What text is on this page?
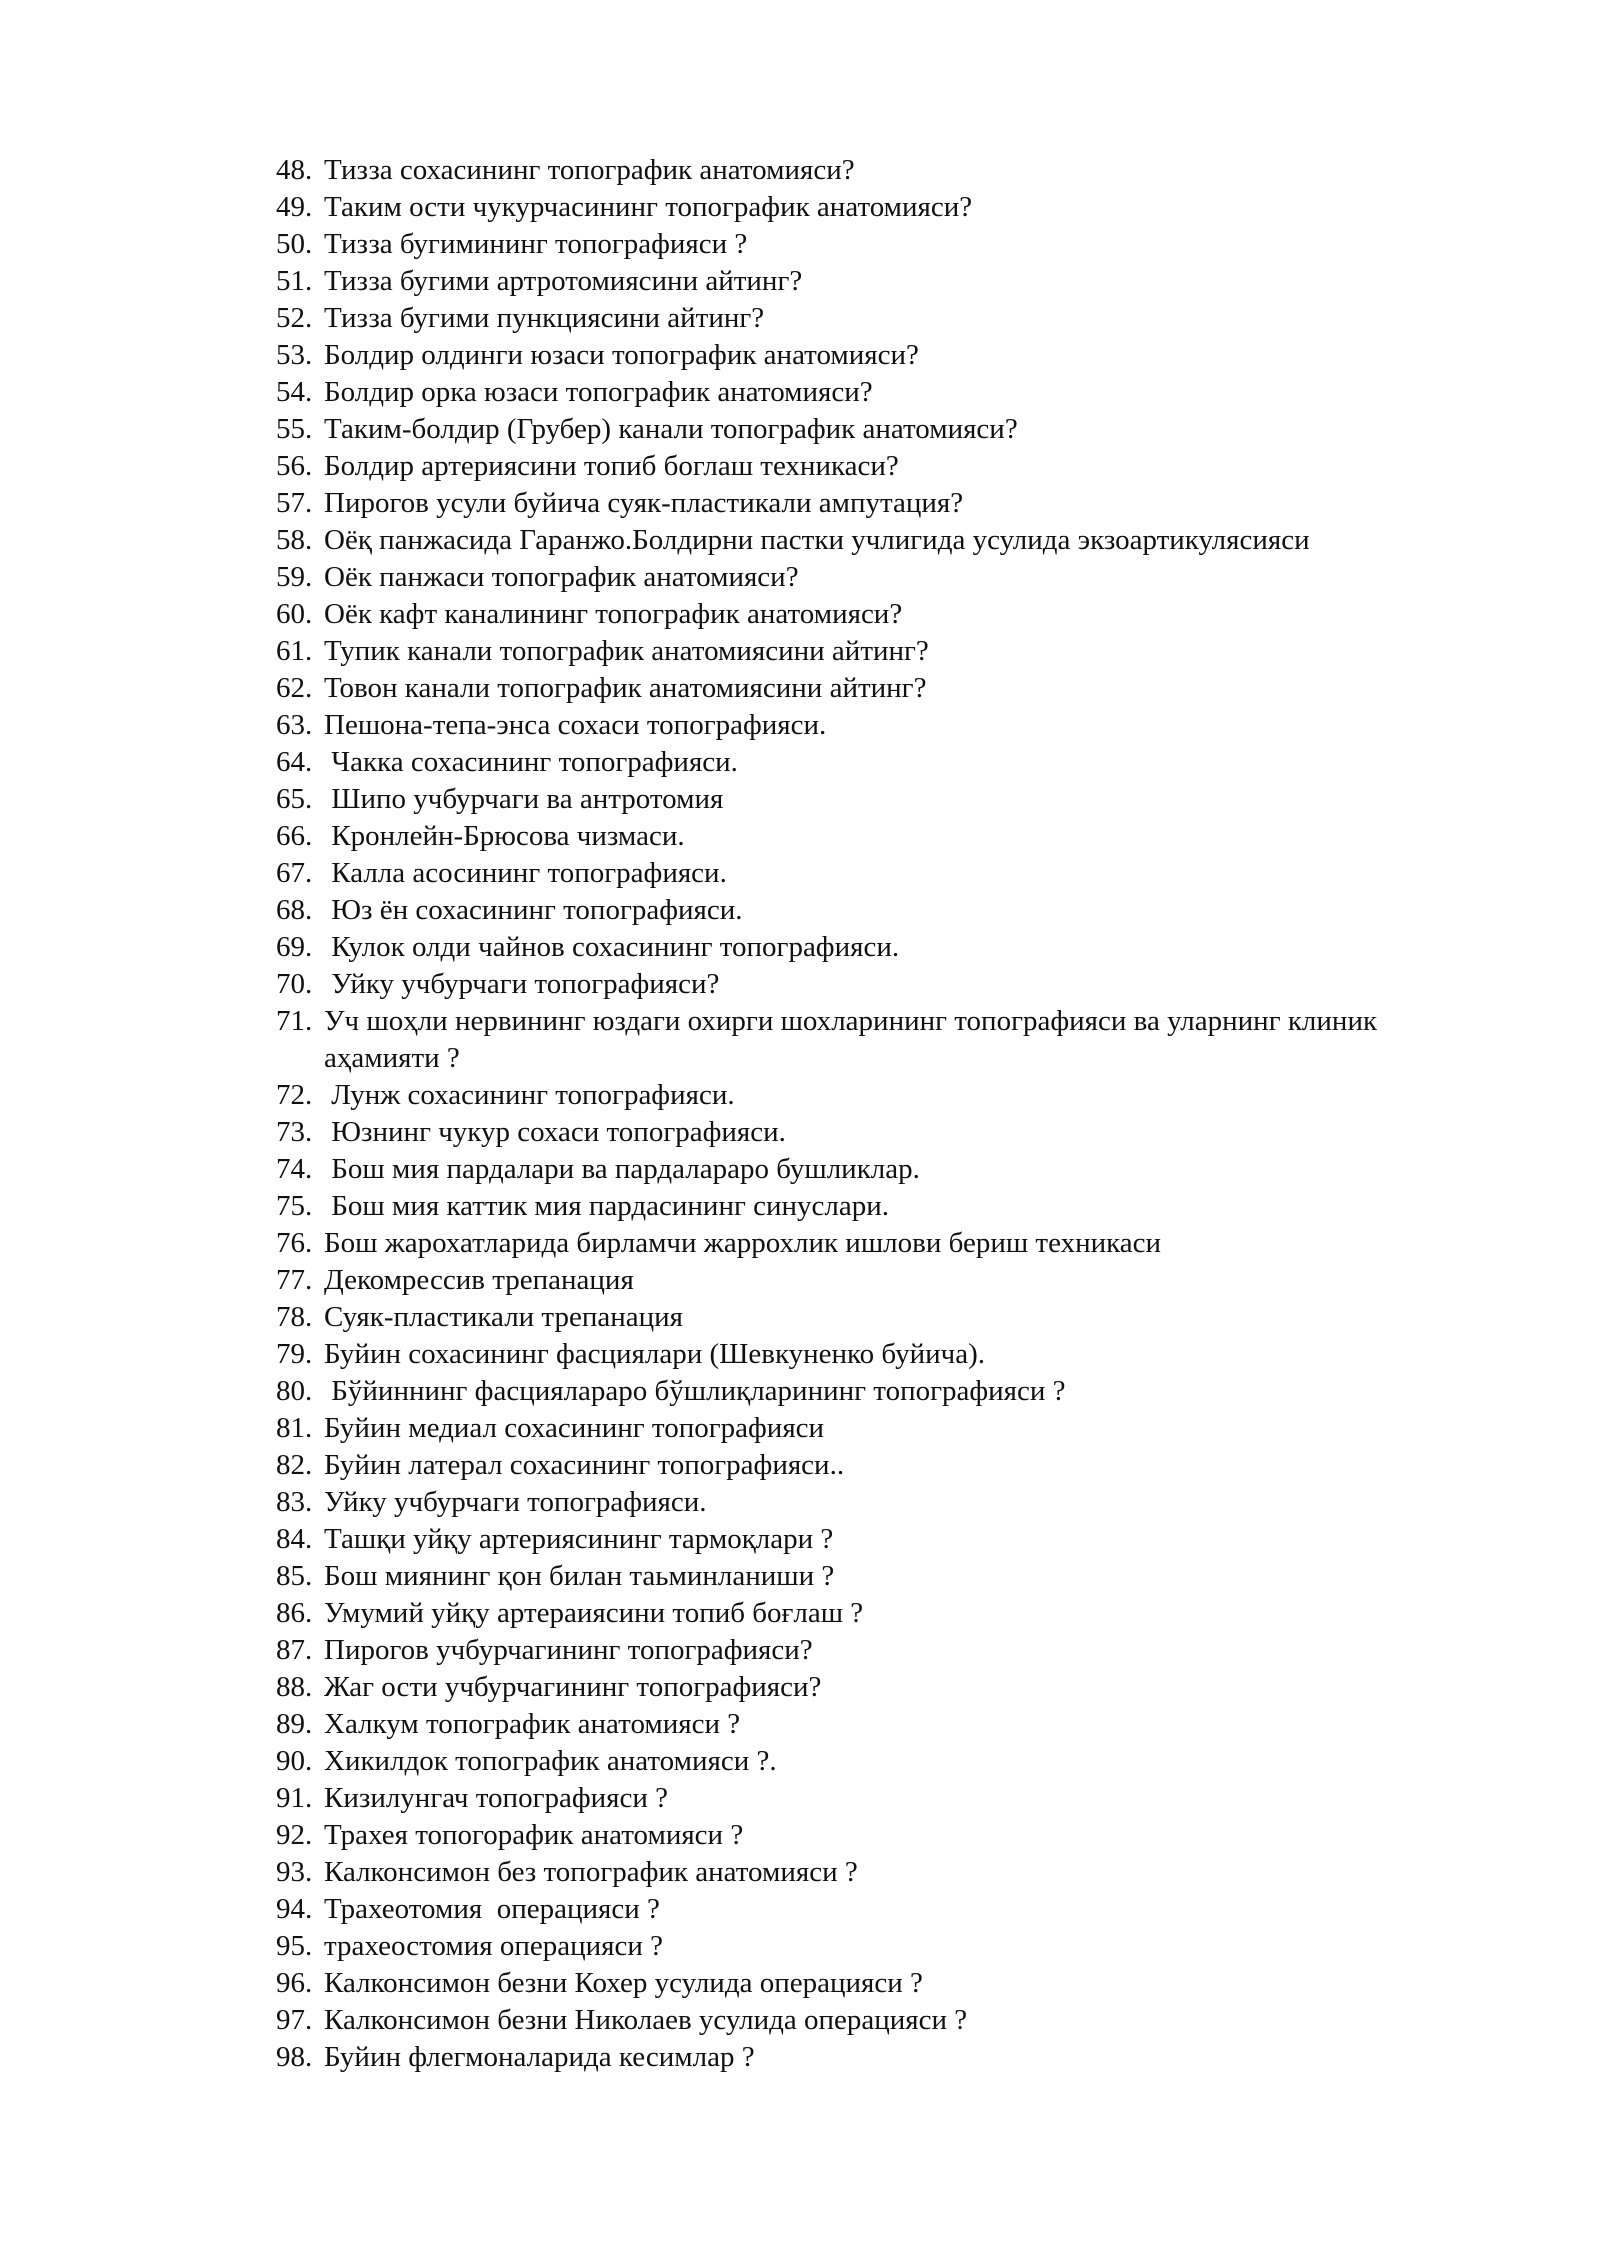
48. Тизза сохасининг топографик анатомияси?
49. Таким ости чукурчасининг топографик анатомияси?
50. Тизза бугимининг топографияси ?
51. Тизза бугими артротомиясини айтинг?
52. Тизза бугими пункциясини айтинг?
53. Болдир олдинги юзаси топографик анатомияси?
54. Болдир орка юзаси топографик анатомияси?
55. Таким-болдир (Грубер) канали топографик анатомияси?
56. Болдир артериясини топиб боглаш техникаси?
57. Пирогов усули буйича суяк-пластикали ампутация?
58. Оёқ панжасида Гаранжо.Болдирни пастки учлигида усулида экзоартикулясияси
59. Оёк панжаси топографик анатомияси?
60. Оёк кафт каналининг топографик анатомияси?
61. Тупик канали топографик анатомиясини айтинг?
62. Товон канали топографик анатомиясини айтинг?
63. Пешона-тепа-энса сохаси топографияси.
64. Чакка сохасининг топографияси.
65. Шипо учбурчаги ва антротомия
66. Кронлейн-Брюсова чизмаси.
67. Калла асосининг топографияси.
68. Юз ён сохасининг топографияси.
69. Кулок олди чайнов сохасининг топографияси.
70. Уйку учбурчаги топографияси?
71. Уч шоҳли нервининг юздаги охирги шохларининг топографияси ва уларнинг клиник аҳамияти ?
72. Лунж сохасининг топографияси.
73. Юзнинг чукур сохаси топографияси.
74. Бош мия пардалари ва пардалараро бушликлар.
75. Бош мия каттик мия пардасининг синуслари.
76. Бош жарохатларида бирламчи жаррохлик ишлови бериш техникаси
77. Декомрессив трепанация
78. Суяк-пластикали трепанация
79. Буйин сохасининг фасциялари (Шевкуненко буйича).
80. Бўйиннинг фасциялараро бўшлиқларининг топографияси ?
81. Буйин медиал сохасининг топографияси
82. Буйин латерал сохасининг топографияси..
83. Уйку учбурчаги топографияси.
84. Ташқи уйқу артериясининг тармоқлари ?
85. Бош миянинг қон билан таьминланиши ?
86. Умумий уйқу артераиясини топиб боғлаш ?
87. Пирогов учбурчагининг топографияси?
88. Жаг ости учбурчагининг топографияси?
89. Халкум топографик анатомияси ?
90. Хикилдок топографик анатомияси ?.
91. Кизилунгач топографияси ?
92. Трахея топогорафик анатомияси ?
93. Калконсимон без топографик анатомияси ?
94. Трахеотомия  операцияси ?
95. трахеостомия операцияси ?
96. Калконсимон безни Кохер усулида операцияси ?
97. Калконсимон безни Николаев усулида операцияси ?
98. Буйин флегмоналарида кесимлар ?
